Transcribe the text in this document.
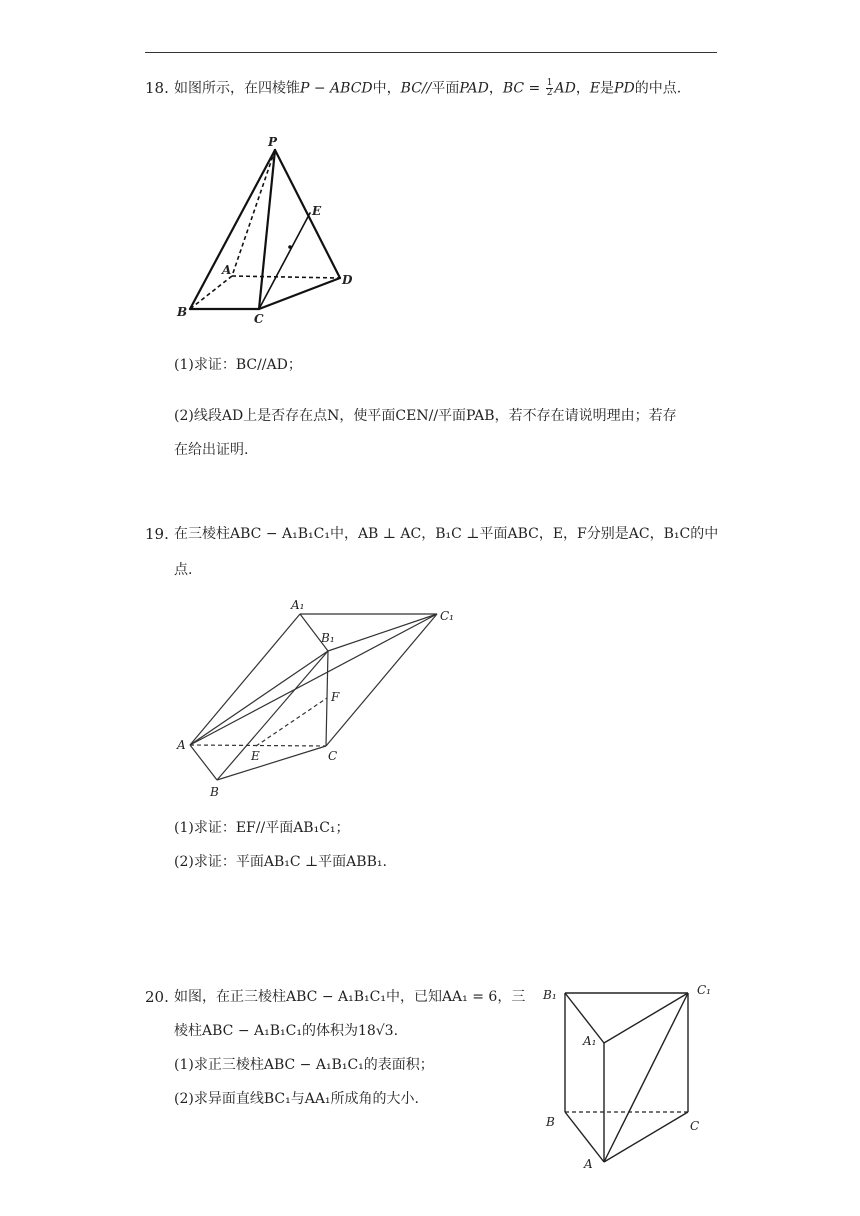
18. 如图所示，在四棱锥P − ABCD中，BC//平面PAD，BC = $\frac{1}{2}$ AD，E是PD的中点.
P
A
B	C
D
E
(1)求证：BC//AD；
(2)线段AD上是否存在点N，使平面CEN//平面PAB，若不存在请说明理由；若存
在给出证明.
19. 在三棱柱ABC − A₁B₁C₁中，AB ⊥ AC，B₁C ⊥平面ABC，E，F分别是AC，B₁C的中
点.
A₁
B₁
C₁
A
B
C
E
F
(1)求证：EF//平面AB₁C₁；
(2)求证：平面AB₁C ⊥平面ABB₁.
20. 如图，在正三棱柱ABC − A₁B₁C₁中，已知AA₁ = 6，三
棱柱ABC − A₁B₁C₁的体积为18√3.
(1)求正三棱柱ABC − A₁B₁C₁的表面积；
(2)求异面直线BC₁与AA₁所成角的大小.
B₁	C₁
A₁
B	C
A
